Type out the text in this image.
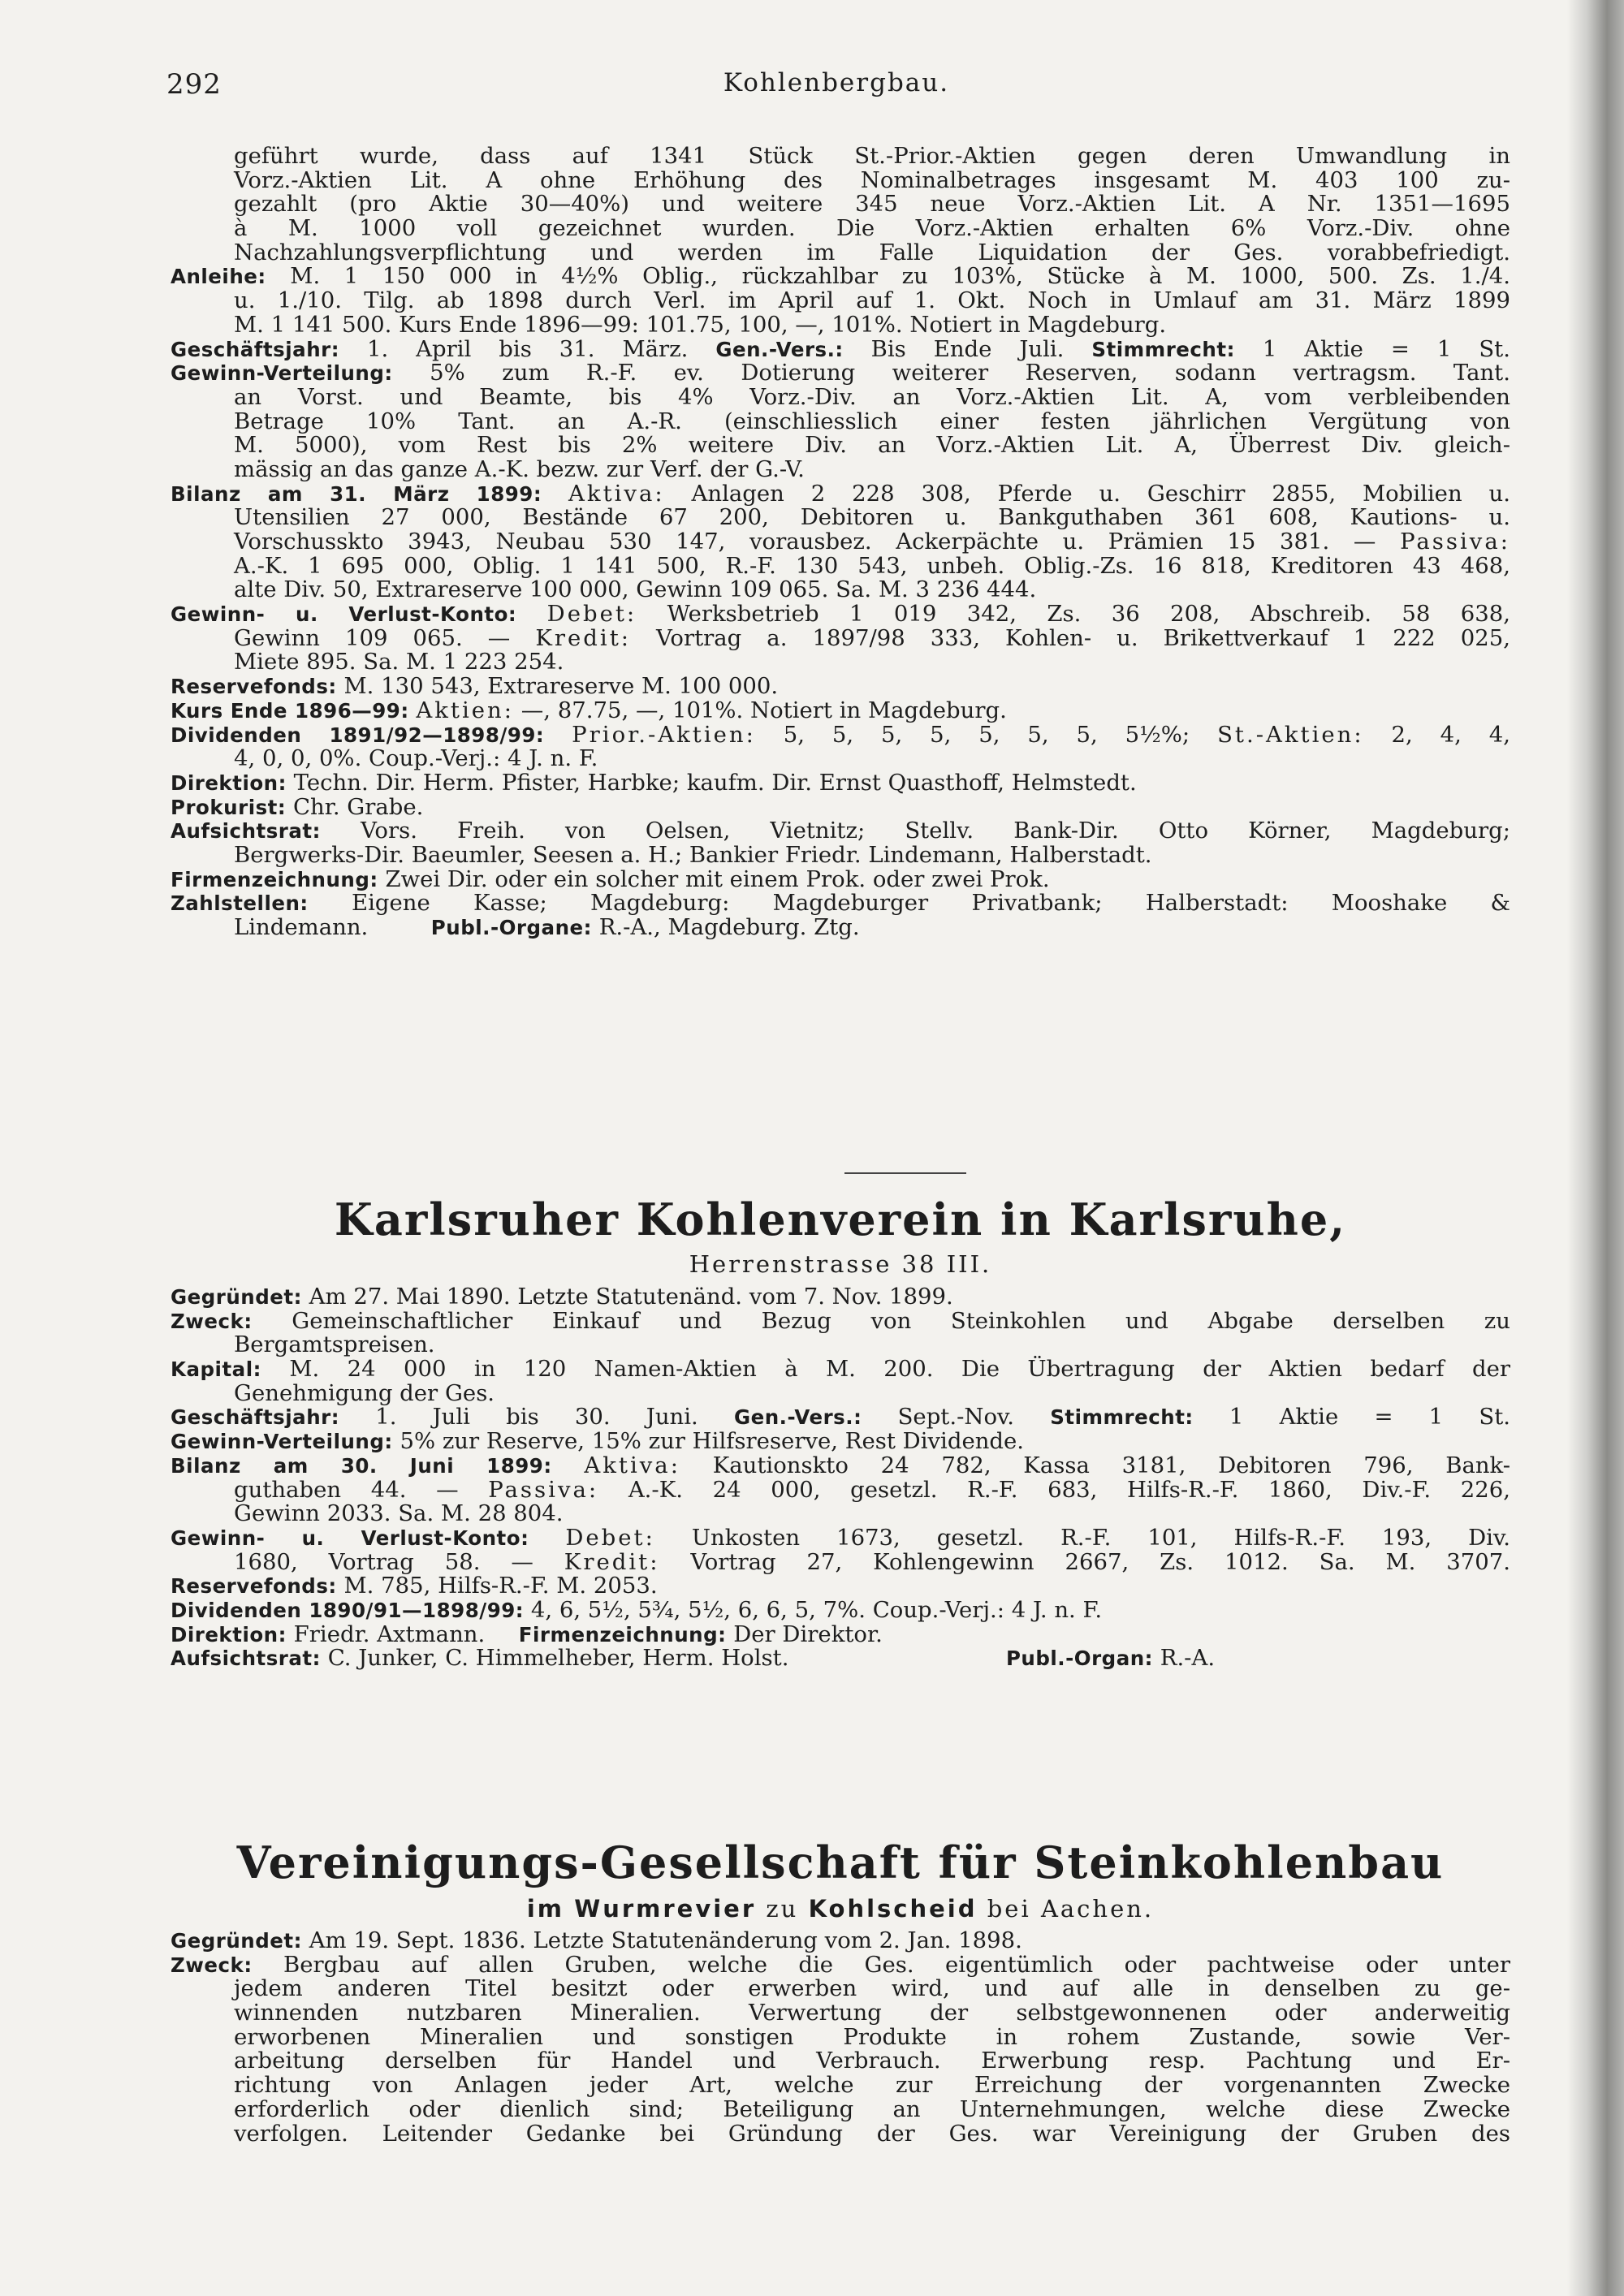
292	Kohlenbergbau.
geführt wurde, dass auf 1341 Stück St.-Prior.-Aktien gegen deren Umwandlung in
Vorz.-Aktien Lit. A ohne Erhöhung des Nominalbetrages insgesamt M. 403 100 zu-
gezahlt (pro Aktie 30—40%) und weitere 345 neue Vorz.-Aktien Lit. A Nr. 1351—1695
à M. 1000 voll gezeichnet wurden. Die Vorz.-Aktien erhalten 6% Vorz.-Div. ohne
Nachzahlungsverpflichtung und werden im Falle Liquidation der Ges. vorabbefriedigt.
Anleihe: M. 1 150 000 in 4½% Oblig., rückzahlbar zu 103%, Stücke à M. 1000, 500. Zs. 1./4.
u. 1./10. Tilg. ab 1898 durch Verl. im April auf 1. Okt. Noch in Umlauf am 31. März 1899
M. 1 141 500. Kurs Ende 1896—99: 101.75, 100, —, 101%. Notiert in Magdeburg.
Geschäftsjahr: 1. April bis 31. März. Gen.-Vers.: Bis Ende Juli. Stimmrecht: 1 Aktie = 1 St.
Gewinn-Verteilung: 5% zum R.-F. ev. Dotierung weiterer Reserven, sodann vertragsm. Tant.
an Vorst. und Beamte, bis 4% Vorz.-Div. an Vorz.-Aktien Lit. A, vom verbleibenden
Betrage 10% Tant. an A.-R. (einschliesslich einer festen jährlichen Vergütung von
M. 5000), vom Rest bis 2% weitere Div. an Vorz.-Aktien Lit. A, Überrest Div. gleich-
mässig an das ganze A.-K. bezw. zur Verf. der G.-V.
Bilanz am 31. März 1899: Aktiva: Anlagen 2 228 308, Pferde u. Geschirr 2855, Mobilien u.
Utensilien 27 000, Bestände 67 200, Debitoren u. Bankguthaben 361 608, Kautions- u.
Vorschusskto 3943, Neubau 530 147, vorausbez. Ackerpächte u. Prämien 15 381. — Passiva:
A.-K. 1 695 000, Oblig. 1 141 500, R.-F. 130 543, unbeh. Oblig.-Zs. 16 818, Kreditoren 43 468,
alte Div. 50, Extrareserve 100 000, Gewinn 109 065. Sa. M. 3 236 444.
Gewinn- u. Verlust-Konto: Debet: Werksbetrieb 1 019 342, Zs. 36 208, Abschreib. 58 638,
Gewinn 109 065. — Kredit: Vortrag a. 1897/98 333, Kohlen- u. Brikettverkauf 1 222 025,
Miete 895. Sa. M. 1 223 254.
Reservefonds: M. 130 543, Extrareserve M. 100 000.
Kurs Ende 1896—99: Aktien: —, 87.75, —, 101%. Notiert in Magdeburg.
Dividenden 1891/92—1898/99: Prior.-Aktien: 5, 5, 5, 5, 5, 5, 5, 5½%; St.-Aktien: 2, 4, 4,
4, 0, 0, 0%. Coup.-Verj.: 4 J. n. F.
Direktion: Techn. Dir. Herm. Pfister, Harbke; kaufm. Dir. Ernst Quasthoff, Helmstedt.
Prokurist: Chr. Grabe.
Aufsichtsrat: Vors. Freih. von Oelsen, Vietnitz; Stellv. Bank-Dir. Otto Körner, Magdeburg;
Bergwerks-Dir. Baeumler, Seesen a. H.; Bankier Friedr. Lindemann, Halberstadt.
Firmenzeichnung: Zwei Dir. oder ein solcher mit einem Prok. oder zwei Prok.
Zahlstellen: Eigene Kasse; Magdeburg: Magdeburger Privatbank; Halberstadt: Mooshake &
Lindemann.	Publ.-Organe: R.-A., Magdeburg. Ztg.
Karlsruher Kohlenverein in Karlsruhe,
Herrenstrasse 38 III.
Gegründet: Am 27. Mai 1890. Letzte Statutenänd. vom 7. Nov. 1899.
Zweck: Gemeinschaftlicher Einkauf und Bezug von Steinkohlen und Abgabe derselben zu
Bergamtspreisen.
Kapital: M. 24 000 in 120 Namen-Aktien à M. 200. Die Übertragung der Aktien bedarf der
Genehmigung der Ges.
Geschäftsjahr: 1. Juli bis 30. Juni. Gen.-Vers.: Sept.-Nov. Stimmrecht: 1 Aktie = 1 St.
Gewinn-Verteilung: 5% zur Reserve, 15% zur Hilfsreserve, Rest Dividende.
Bilanz am 30. Juni 1899: Aktiva: Kautionskto 24 782, Kassa 3181, Debitoren 796, Bank-
guthaben 44. — Passiva: A.-K. 24 000, gesetzl. R.-F. 683, Hilfs-R.-F. 1860, Div.-F. 226,
Gewinn 2033. Sa. M. 28 804.
Gewinn- u. Verlust-Konto: Debet: Unkosten 1673, gesetzl. R.-F. 101, Hilfs-R.-F. 193, Div.
1680, Vortrag 58. — Kredit: Vortrag 27, Kohlengewinn 2667, Zs. 1012. Sa. M. 3707.
Reservefonds: M. 785, Hilfs-R.-F. M. 2053.
Dividenden 1890/91—1898/99: 4, 6, 5½, 5¾, 5½, 6, 6, 5, 7%. Coup.-Verj.: 4 J. n. F.
Direktion: Friedr. Axtmann. Firmenzeichnung: Der Direktor.
Aufsichtsrat: C. Junker, C. Himmelheber, Herm. Holst.	Publ.-Organ: R.-A.
Vereinigungs-Gesellschaft für Steinkohlenbau
im Wurmrevier zu Kohlscheid bei Aachen.
Gegründet: Am 19. Sept. 1836. Letzte Statutenänderung vom 2. Jan. 1898.
Zweck: Bergbau auf allen Gruben, welche die Ges. eigentümlich oder pachtweise oder unter
jedem anderen Titel besitzt oder erwerben wird, und auf alle in denselben zu ge-
winnenden nutzbaren Mineralien. Verwertung der selbstgewonnenen oder anderweitig
erworbenen Mineralien und sonstigen Produkte in rohem Zustande, sowie Ver-
arbeitung derselben für Handel und Verbrauch. Erwerbung resp. Pachtung und Er-
richtung von Anlagen jeder Art, welche zur Erreichung der vorgenannten Zwecke
erforderlich oder dienlich sind; Beteiligung an Unternehmungen, welche diese Zwecke
verfolgen. Leitender Gedanke bei Gründung der Ges. war Vereinigung der Gruben des
